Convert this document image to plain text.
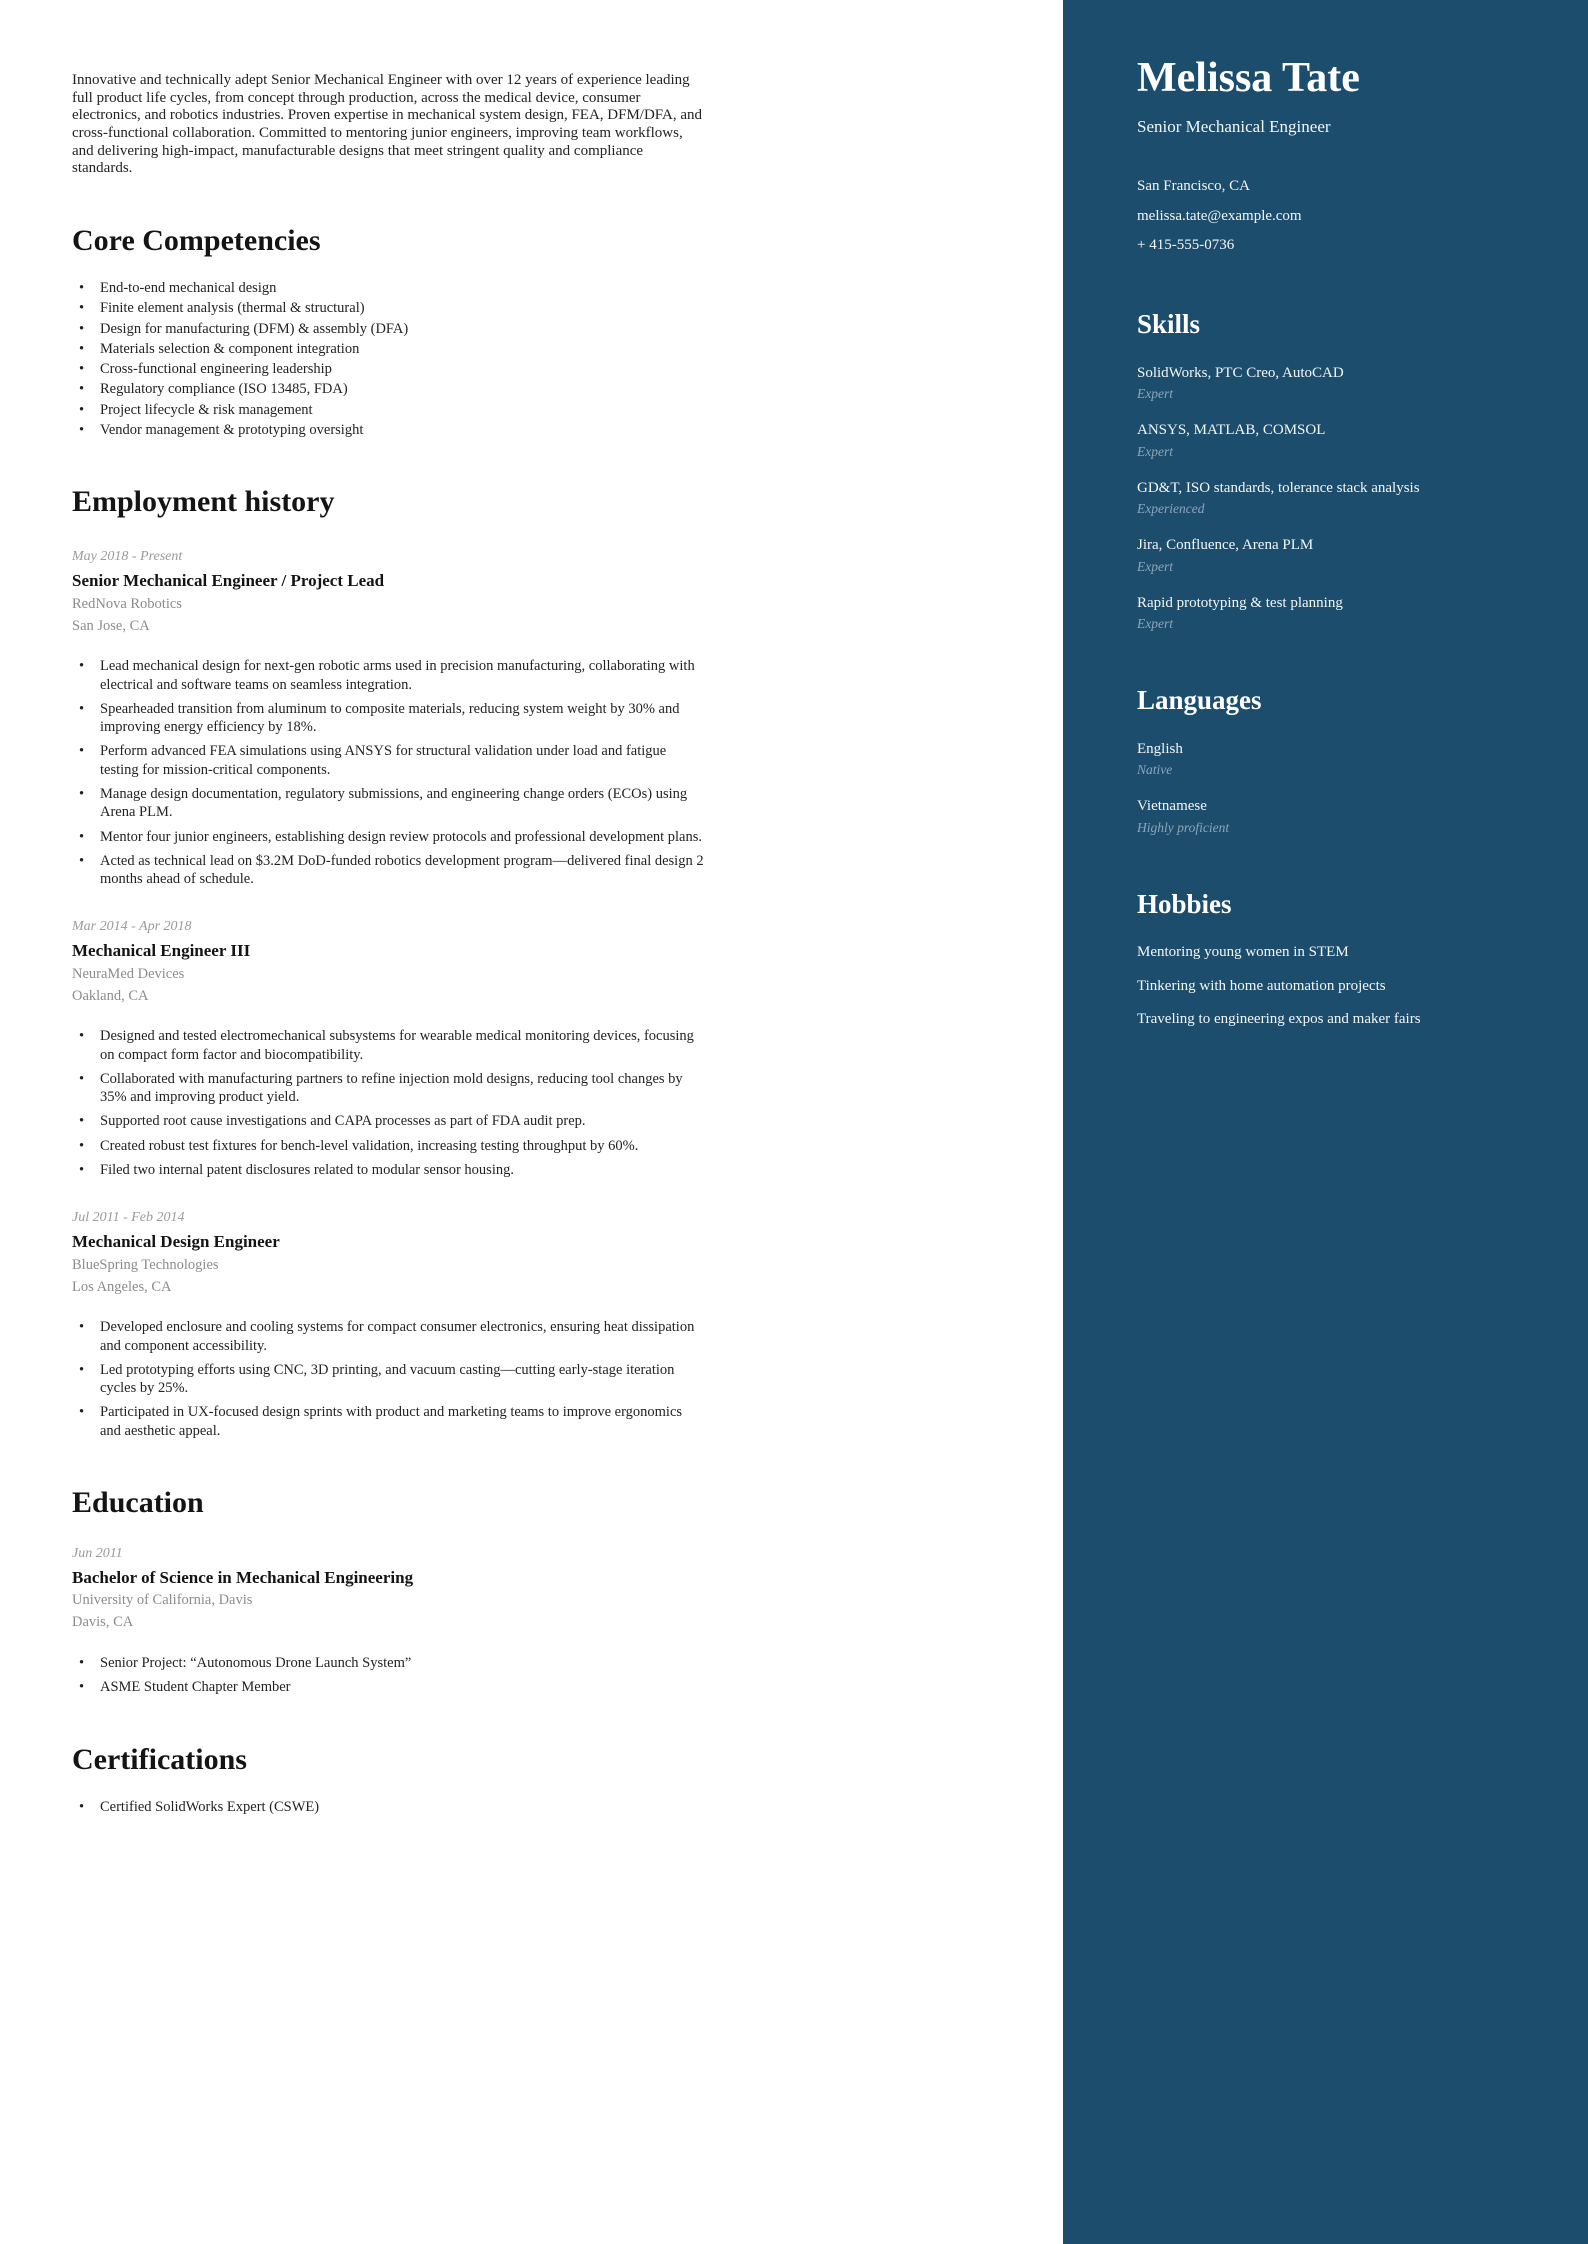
Innovative and technically adept Senior Mechanical Engineer with over 12 years of experience leading full product life cycles, from concept through production, across the medical device, consumer electronics, and robotics industries. Proven expertise in mechanical system design, FEA, DFM/DFA, and cross-functional collaboration. Committed to mentoring junior engineers, improving team workflows, and delivering high-impact, manufacturable designs that meet stringent quality and compliance standards.

Core Competencies
• End-to-end mechanical design
• Finite element analysis (thermal & structural)
• Design for manufacturing (DFM) & assembly (DFA)
• Materials selection & component integration
• Cross-functional engineering leadership
• Regulatory compliance (ISO 13485, FDA)
• Project lifecycle & risk management
• Vendor management & prototyping oversight
Employment history
May 2018 - Present
Senior Mechanical Engineer / Project Lead
RedNova Robotics
San Jose, CA
• Lead mechanical design for next-gen robotic arms used in precision manufacturing, collaborating with electrical and software teams on seamless integration.
• Spearheaded transition from aluminum to composite materials, reducing system weight by 30% and improving energy efficiency by 18%.
• Perform advanced FEA simulations using ANSYS for structural validation under load and fatigue testing for mission-critical components.
• Manage design documentation, regulatory submissions, and engineering change orders (ECOs) using Arena PLM.
• Mentor four junior engineers, establishing design review protocols and professional development plans.
• Acted as technical lead on $3.2M DoD-funded robotics development program—delivered final design 2 months ahead of schedule.
Mar 2014 - Apr 2018
Mechanical Engineer III
NeuraMed Devices
Oakland, CA
• Designed and tested electromechanical subsystems for wearable medical monitoring devices, focusing on compact form factor and biocompatibility.
• Collaborated with manufacturing partners to refine injection mold designs, reducing tool changes by 35% and improving product yield.
• Supported root cause investigations and CAPA processes as part of FDA audit prep.
• Created robust test fixtures for bench-level validation, increasing testing throughput by 60%.
• Filed two internal patent disclosures related to modular sensor housing.
Jul 2011 - Feb 2014
Mechanical Design Engineer
BlueSpring Technologies
Los Angeles, CA
• Developed enclosure and cooling systems for compact consumer electronics, ensuring heat dissipation and component accessibility.
• Led prototyping efforts using CNC, 3D printing, and vacuum casting—cutting early-stage iteration cycles by 25%.
• Participated in UX-focused design sprints with product and marketing teams to improve ergonomics and aesthetic appeal.
Education
Jun 2011
Bachelor of Science in Mechanical Engineering
University of California, Davis
Davis, CA
• Senior Project: “Autonomous Drone Launch System”
• ASME Student Chapter Member
Certifications
• Certified SolidWorks Expert (CSWE)
Melissa Tate
Senior Mechanical Engineer
San Francisco, CA
melissa.tate@example.com
+ 415-555-0736
Skills
SolidWorks, PTC Creo, AutoCAD
Expert
ANSYS, MATLAB, COMSOL
Expert
GD&T, ISO standards, tolerance stack analysis
Experienced
Jira, Confluence, Arena PLM
Expert
Rapid prototyping & test planning
Expert
Languages
English
Native
Vietnamese
Highly proficient
Hobbies
Mentoring young women in STEM
Tinkering with home automation projects
Traveling to engineering expos and maker fairs
